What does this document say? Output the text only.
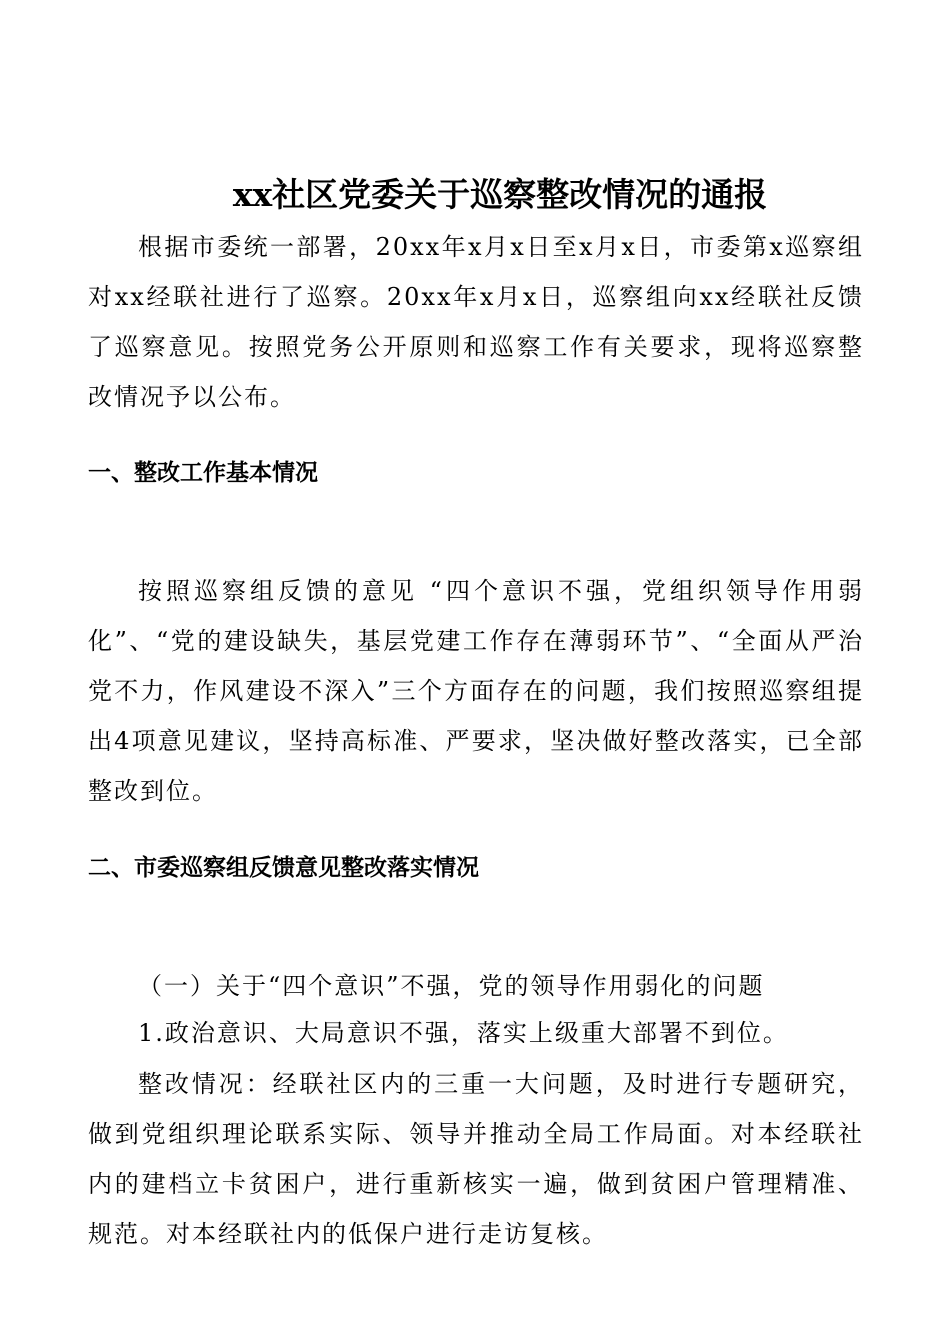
xx社区党委关于巡察整改情况的通报

根据市委统一部署，20xx年x月x日至x月x日，市委第x巡察组对xx经联社进行了巡察。20xx年x月x日，巡察组向xx经联社反馈了巡察意见。按照党务公开原则和巡察工作有关要求，现将巡察整改情况予以公布。

一、整改工作基本情况

按照巡察组反馈的意见 “四个意识不强，党组织领导作用弱化”、“党的建设缺失，基层党建工作存在薄弱环节”、“全面从严治党不力，作风建设不深入”三个方面存在的问题，我们按照巡察组提出4项意见建议，坚持高标准、严要求，坚决做好整改落实，已全部整改到位。

二、市委巡察组反馈意见整改落实情况

（一）关于“四个意识”不强，党的领导作用弱化的问题

1.政治意识、大局意识不强，落实上级重大部署不到位。

整改情况：经联社区内的三重一大问题，及时进行专题研究，做到党组织理论联系实际、领导并推动全局工作局面。对本经联社内的建档立卡贫困户，进行重新核实一遍，做到贫困户管理精准、规范。对本经联社内的低保户进行走访复核。
